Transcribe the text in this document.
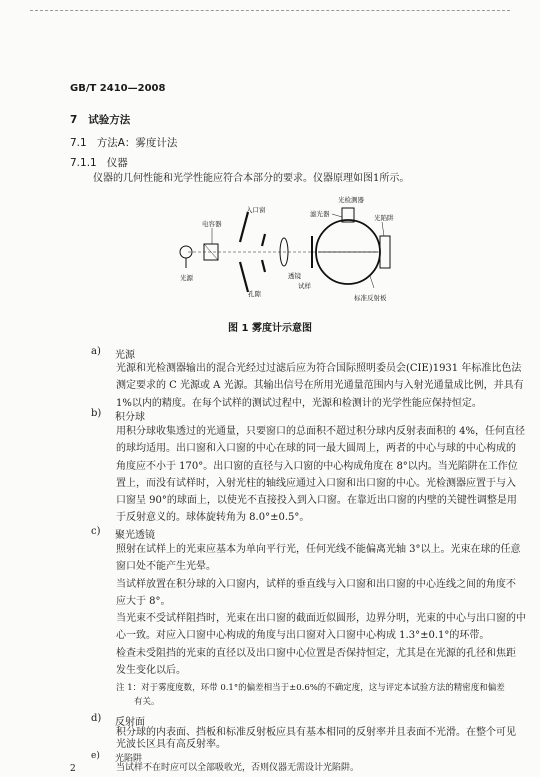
GB/T 2410—2008
7 试验方法
7.1 方法A：雾度计法
7.1.1 仪器
仪器的几何性能和光学性能应符合本部分的要求。仪器原理如图1所示。
光源
电容器
入口窗
孔隙
透镜
试样
光检测器
滤光器	光陷阱
标准反射板
图 1 雾度计示意图
a) 光源
光源和光检测器输出的混合光经过过滤后应为符合国际照明委员会(CIE)1931 年标准比色法
测定要求的 C 光源或 A 光源。其输出信号在所用光通量范围内与入射光通量成比例，并具有
1%以内的精度。在每个试样的测试过程中，光源和检测计的光学性能应保持恒定。
b) 积分球
用积分球收集透过的光通量，只要窗口的总面积不超过积分球内反射表面积的 4%，任何直径
的球均适用。出口窗和入口窗的中心在球的同一最大圆周上，两者的中心与球的中心构成的
角度应不小于 170°。出口窗的直径与入口窗的中心构成角度在 8°以内。当光陷阱在工作位
置上，而没有试样时，入射光柱的轴线应通过入口窗和出口窗的中心。光检测器应置于与入
口窗呈 90°的球面上，以使光不直接投入到入口窗。在靠近出口窗的内壁的关键性调整是用
于反射意义的。球体旋转角为 8.0°±0.5°。
c) 聚光透镜
照射在试样上的光束应基本为单向平行光，任何光线不能偏离光轴 3°以上。光束在球的任意
窗口处不能产生光晕。
当试样放置在积分球的入口窗内，试样的垂直线与入口窗和出口窗的中心连线之间的角度不
应大于 8°。
当光束不受试样阻挡时，光束在出口窗的截面近似圆形，边界分明，光束的中心与出口窗的中
心一致。对应入口窗中心构成的角度与出口窗对入口窗中心构成 1.3°±0.1°的环带。
检查未受阻挡的光束的直径以及出口窗中心位置是否保持恒定，尤其是在光源的孔径和焦距
发生变化以后。
注 1：对于雾度度数，环带 0.1°的偏差相当于±0.6%的不确定度，这与评定本试验方法的精密度和偏差
有关。
d) 反射面
积分球的内表面、挡板和标准反射板应具有基本相同的反射率并且表面不光滑。在整个可见
光波长区具有高反射率。
e) 光陷阱
当试样不在时应可以全部吸收光，否则仪器无需设计光陷阱。
2
